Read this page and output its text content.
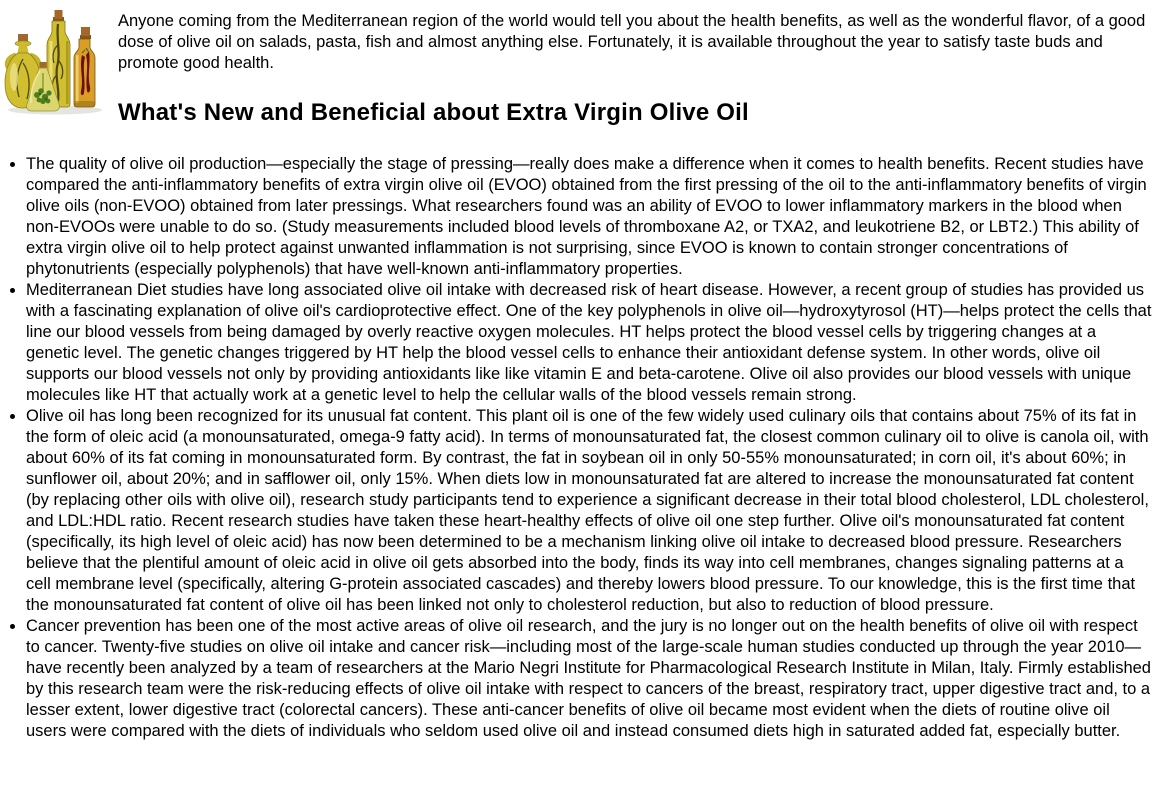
Anyone coming from the Mediterranean region of the world would tell you about the health benefits, as well as the wonderful flavor, of a good dose of olive oil on salads, pasta, fish and almost anything else. Fortunately, it is available throughout the year to satisfy taste buds and promote good health.

What's New and Beneficial about Extra Virgin Olive Oil
• The quality of olive oil production—especially the stage of pressing—really does make a difference when it comes to health benefits. Recent studies have compared the anti-inflammatory benefits of extra virgin olive oil (EVOO) obtained from the first pressing of the oil to the anti-inflammatory benefits of virgin olive oils (non-EVOO) obtained from later pressings. What researchers found was an ability of EVOO to lower inflammatory markers in the blood when non-EVOOs were unable to do so. (Study measurements included blood levels of thromboxane A2, or TXA2, and leukotriene B2, or LBT2.) This ability of extra virgin olive oil to help protect against unwanted inflammation is not surprising, since EVOO is known to contain stronger concentrations of phytonutrients (especially polyphenols) that have well-known anti-inflammatory properties.
• Mediterranean Diet studies have long associated olive oil intake with decreased risk of heart disease. However, a recent group of studies has provided us with a fascinating explanation of olive oil's cardioprotective effect. One of the key polyphenols in olive oil—hydroxytyrosol (HT)—helps protect the cells that line our blood vessels from being damaged by overly reactive oxygen molecules. HT helps protect the blood vessel cells by triggering changes at a genetic level. The genetic changes triggered by HT help the blood vessel cells to enhance their antioxidant defense system. In other words, olive oil supports our blood vessels not only by providing antioxidants like like vitamin E and beta-carotene. Olive oil also provides our blood vessels with unique molecules like HT that actually work at a genetic level to help the cellular walls of the blood vessels remain strong.
• Olive oil has long been recognized for its unusual fat content. This plant oil is one of the few widely used culinary oils that contains about 75% of its fat in the form of oleic acid (a monounsaturated, omega-9 fatty acid). In terms of monounsaturated fat, the closest common culinary oil to olive is canola oil, with about 60% of its fat coming in monounsaturated form. By contrast, the fat in soybean oil in only 50-55% monounsaturated; in corn oil, it's about 60%; in sunflower oil, about 20%; and in safflower oil, only 15%. When diets low in monounsaturated fat are altered to increase the monounsaturated fat content (by replacing other oils with olive oil), research study participants tend to experience a significant decrease in their total blood cholesterol, LDL cholesterol, and LDL:HDL ratio. Recent research studies have taken these heart-healthy effects of olive oil one step further. Olive oil's monounsaturated fat content (specifically, its high level of oleic acid) has now been determined to be a mechanism linking olive oil intake to decreased blood pressure. Researchers believe that the plentiful amount of oleic acid in olive oil gets absorbed into the body, finds its way into cell membranes, changes signaling patterns at a cell membrane level (specifically, altering G-protein associated cascades) and thereby lowers blood pressure. To our knowledge, this is the first time that the monounsaturated fat content of olive oil has been linked not only to cholesterol reduction, but also to reduction of blood pressure.
• Cancer prevention has been one of the most active areas of olive oil research, and the jury is no longer out on the health benefits of olive oil with respect to cancer. Twenty-five studies on olive oil intake and cancer risk—including most of the large-scale human studies conducted up through the year 2010—have recently been analyzed by a team of researchers at the Mario Negri Institute for Pharmacological Research Institute in Milan, Italy. Firmly established by this research team were the risk-reducing effects of olive oil intake with respect to cancers of the breast, respiratory tract, upper digestive tract and, to a lesser extent, lower digestive tract (colorectal cancers). These anti-cancer benefits of olive oil became most evident when the diets of routine olive oil users were compared with the diets of individuals who seldom used olive oil and instead consumed diets high in saturated added fat, especially butter.
